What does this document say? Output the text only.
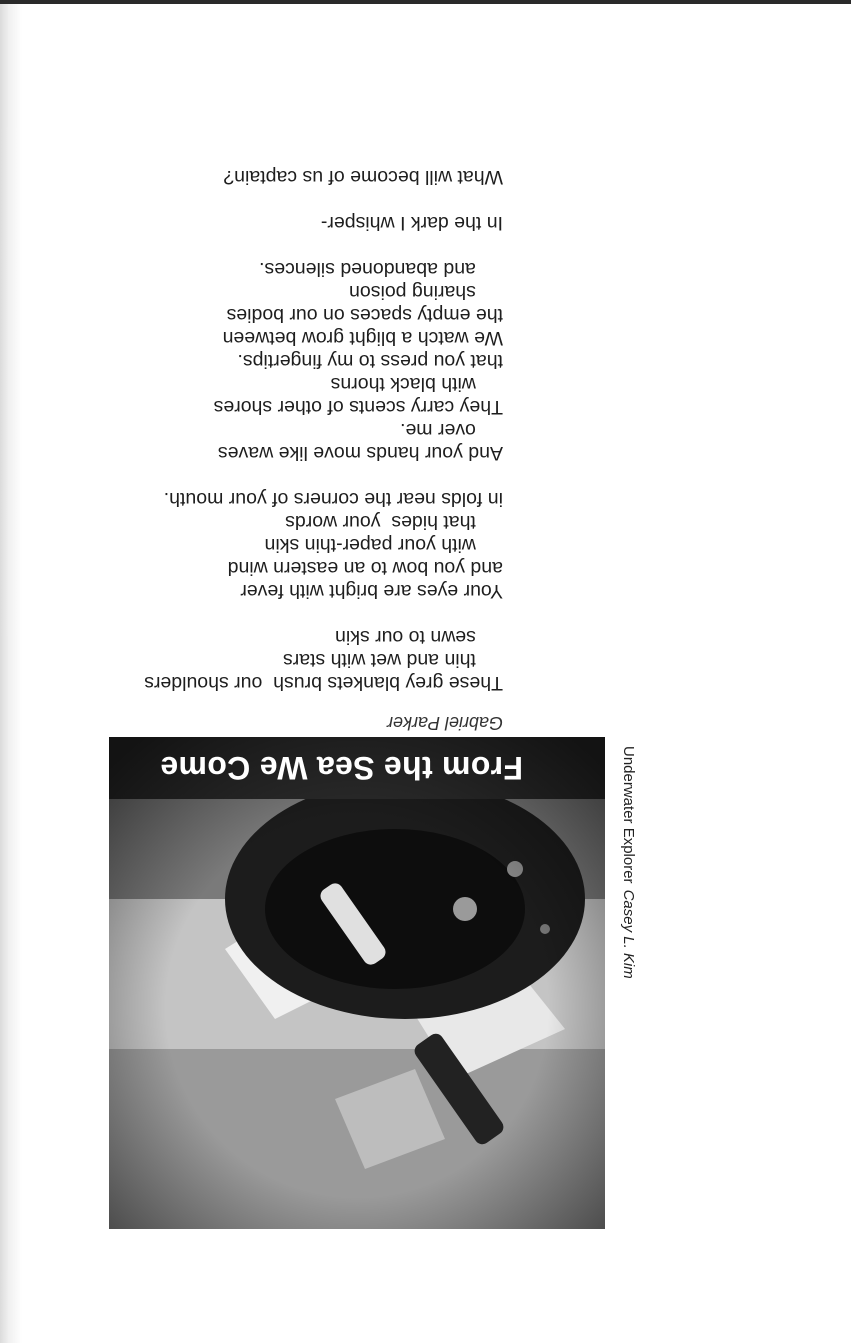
Underwater ExplorerCasey L. Kim
From the Sea We Come
Gabriel Parker
These grey blankets brush  our shoulders
thin and wet with stars
sewn to our skin
Your eyes are bright with fever
and you bow to an eastern wind
with your paper-thin skin
that hides  your words
in folds near the corners of your mouth.
And your hands move like waves
over me.
They carry scents of other shores
with black thorns
that you press to my fingertips.
We watch a blight grow between
the empty spaces on our bodies
sharing poison
and abandoned silences.
In the dark I whisper-
What will become of us captain?
